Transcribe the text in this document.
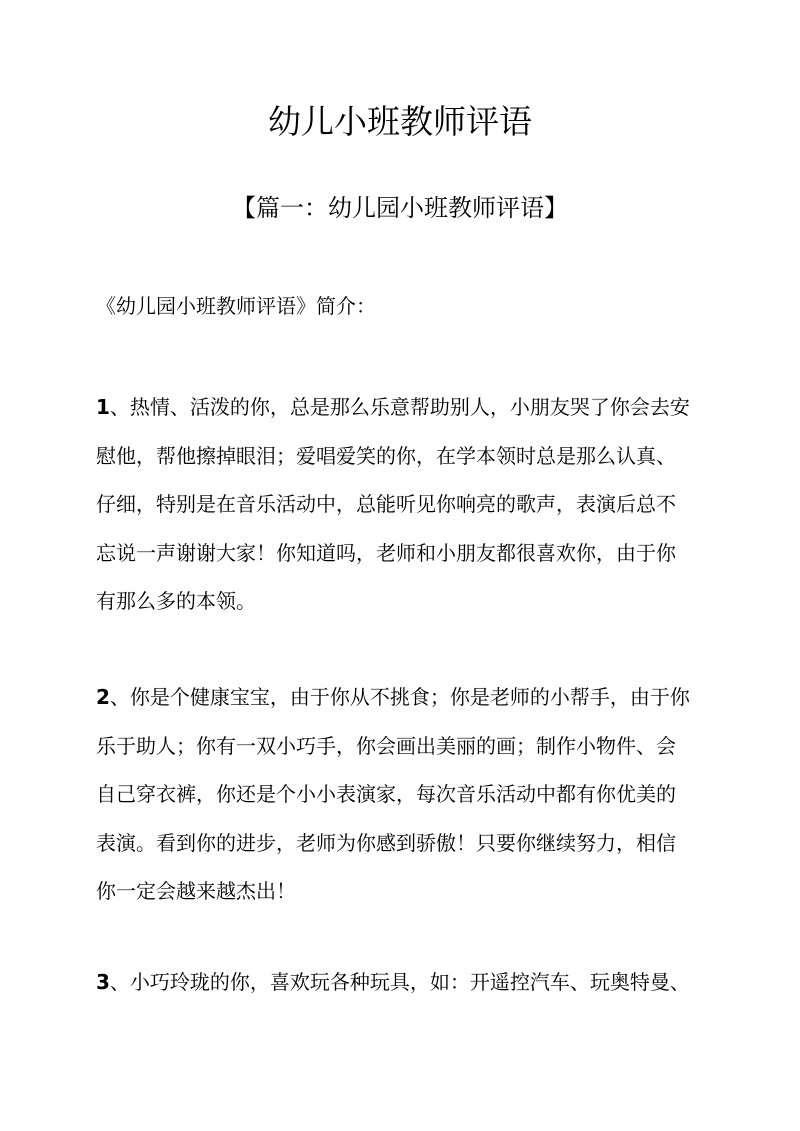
幼儿小班教师评语
【篇一：幼儿园小班教师评语】

《幼儿园小班教师评语》简介：

1、热情、活泼的你，总是那么乐意帮助别人，小朋友哭了你会去安
慰他，帮他擦掉眼泪；爱唱爱笑的你，在学本领时总是那么认真、
仔细，特别是在音乐活动中，总能听见你响亮的歌声，表演后总不
忘说一声谢谢大家！你知道吗，老师和小朋友都很喜欢你，由于你
有那么多的本领。
2、你是个健康宝宝，由于你从不挑食；你是老师的小帮手，由于你
乐于助人；你有一双小巧手，你会画出美丽的画；制作小物件、会
自己穿衣裤，你还是个小小表演家，每次音乐活动中都有你优美的
表演。看到你的进步，老师为你感到骄傲！只要你继续努力，相信
你一定会越来越杰出！
3、小巧玲珑的你，喜欢玩各种玩具，如：开遥控汽车、玩奥特曼、
